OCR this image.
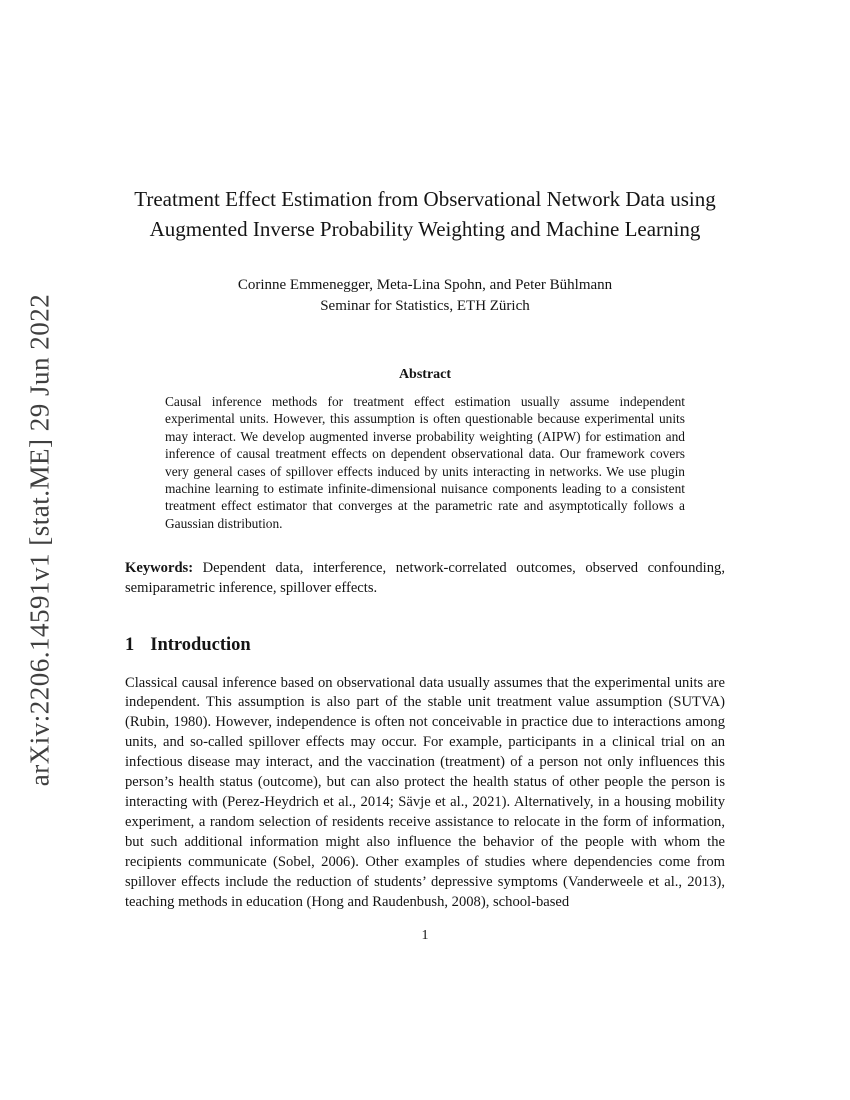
arXiv:2206.14591v1 [stat.ME] 29 Jun 2022
Treatment Effect Estimation from Observational Network Data using Augmented Inverse Probability Weighting and Machine Learning
Corinne Emmenegger, Meta-Lina Spohn, and Peter Bühlmann
Seminar for Statistics, ETH Zürich
Abstract
Causal inference methods for treatment effect estimation usually assume independent experimental units. However, this assumption is often questionable because experimental units may interact. We develop augmented inverse probability weighting (AIPW) for estimation and inference of causal treatment effects on dependent observational data. Our framework covers very general cases of spillover effects induced by units interacting in networks. We use plugin machine learning to estimate infinite-dimensional nuisance components leading to a consistent treatment effect estimator that converges at the parametric rate and asymptotically follows a Gaussian distribution.
Keywords: Dependent data, interference, network-correlated outcomes, observed confounding, semiparametric inference, spillover effects.
1 Introduction
Classical causal inference based on observational data usually assumes that the experimental units are independent. This assumption is also part of the stable unit treatment value assumption (SUTVA) (Rubin, 1980). However, independence is often not conceivable in practice due to interactions among units, and so-called spillover effects may occur. For example, participants in a clinical trial on an infectious disease may interact, and the vaccination (treatment) of a person not only influences this person’s health status (outcome), but can also protect the health status of other people the person is interacting with (Perez-Heydrich et al., 2014; Sävje et al., 2021). Alternatively, in a housing mobility experiment, a random selection of residents receive assistance to relocate in the form of information, but such additional information might also influence the behavior of the people with whom the recipients communicate (Sobel, 2006). Other examples of studies where dependencies come from spillover effects include the reduction of students’ depressive symptoms (Vanderweele et al., 2013), teaching methods in education (Hong and Raudenbush, 2008), school-based
1
